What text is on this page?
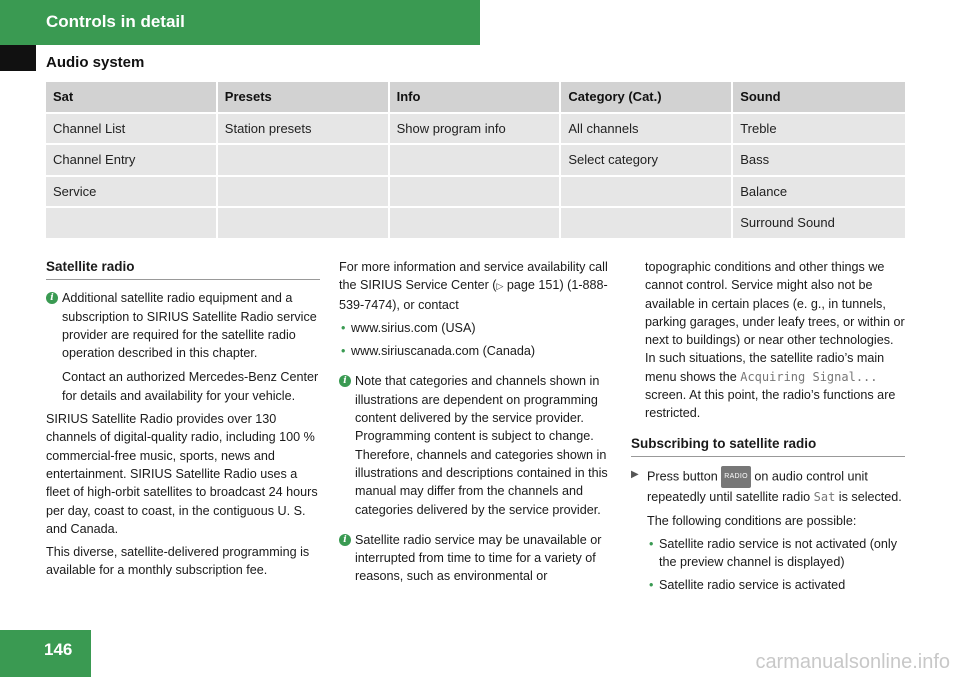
Controls in detail
Audio system
Sat	Presets	Info	Category (Cat.)	Sound
Channel List	Station presets	Show program info	All channels	Treble
Channel Entry			Select category	Bass
Service				Balance
				Surround Sound
Satellite radio
i Additional satellite radio equipment and a subscription to SIRIUS Satellite Radio service provider are required for the satellite radio operation described in this chapter.

Contact an authorized Mercedes-Benz Center for details and availability for your vehicle.

SIRIUS Satellite Radio provides over 130 channels of digital-quality radio, including 100 % commercial-free music, sports, news and entertainment. SIRIUS Satellite Radio uses a fleet of high-orbit satellites to broadcast 24 hours per day, coast to coast, in the contiguous U. S. and Canada.

This diverse, satellite-delivered programming is available for a monthly subscription fee.

For more information and service availability call the SIRIUS Service Center (▷ page 151) (1-888-539-7474), or contact

• www.sirius.com (USA)
• www.siriuscanada.com (Canada)
i Note that categories and channels shown in illustrations are dependent on programming content delivered by the service provider. Programming content is subject to change. Therefore, channels and categories shown in illustrations and descriptions contained in this manual may differ from the channels and categories delivered by the service provider.
i Satellite radio service may be unavailable or interrupted from time to time for a variety of reasons, such as environmental or

topographic conditions and other things we cannot control. Service might also not be available in certain places (e. g., in tunnels, parking garages, under leafy trees, or within or next to buildings) or near other technologies. In such situations, the satellite radio’s main menu shows the Acquiring Signal... screen. At this point, the radio’s functions are restricted.

Subscribing to satellite radio
▶ Press button RADIO on audio control unit repeatedly until satellite radio Sat is selected.

The following conditions are possible:

• Satellite radio service is not activated (only the preview channel is displayed)
• Satellite radio service is activated
146
carmanualsonline.info
